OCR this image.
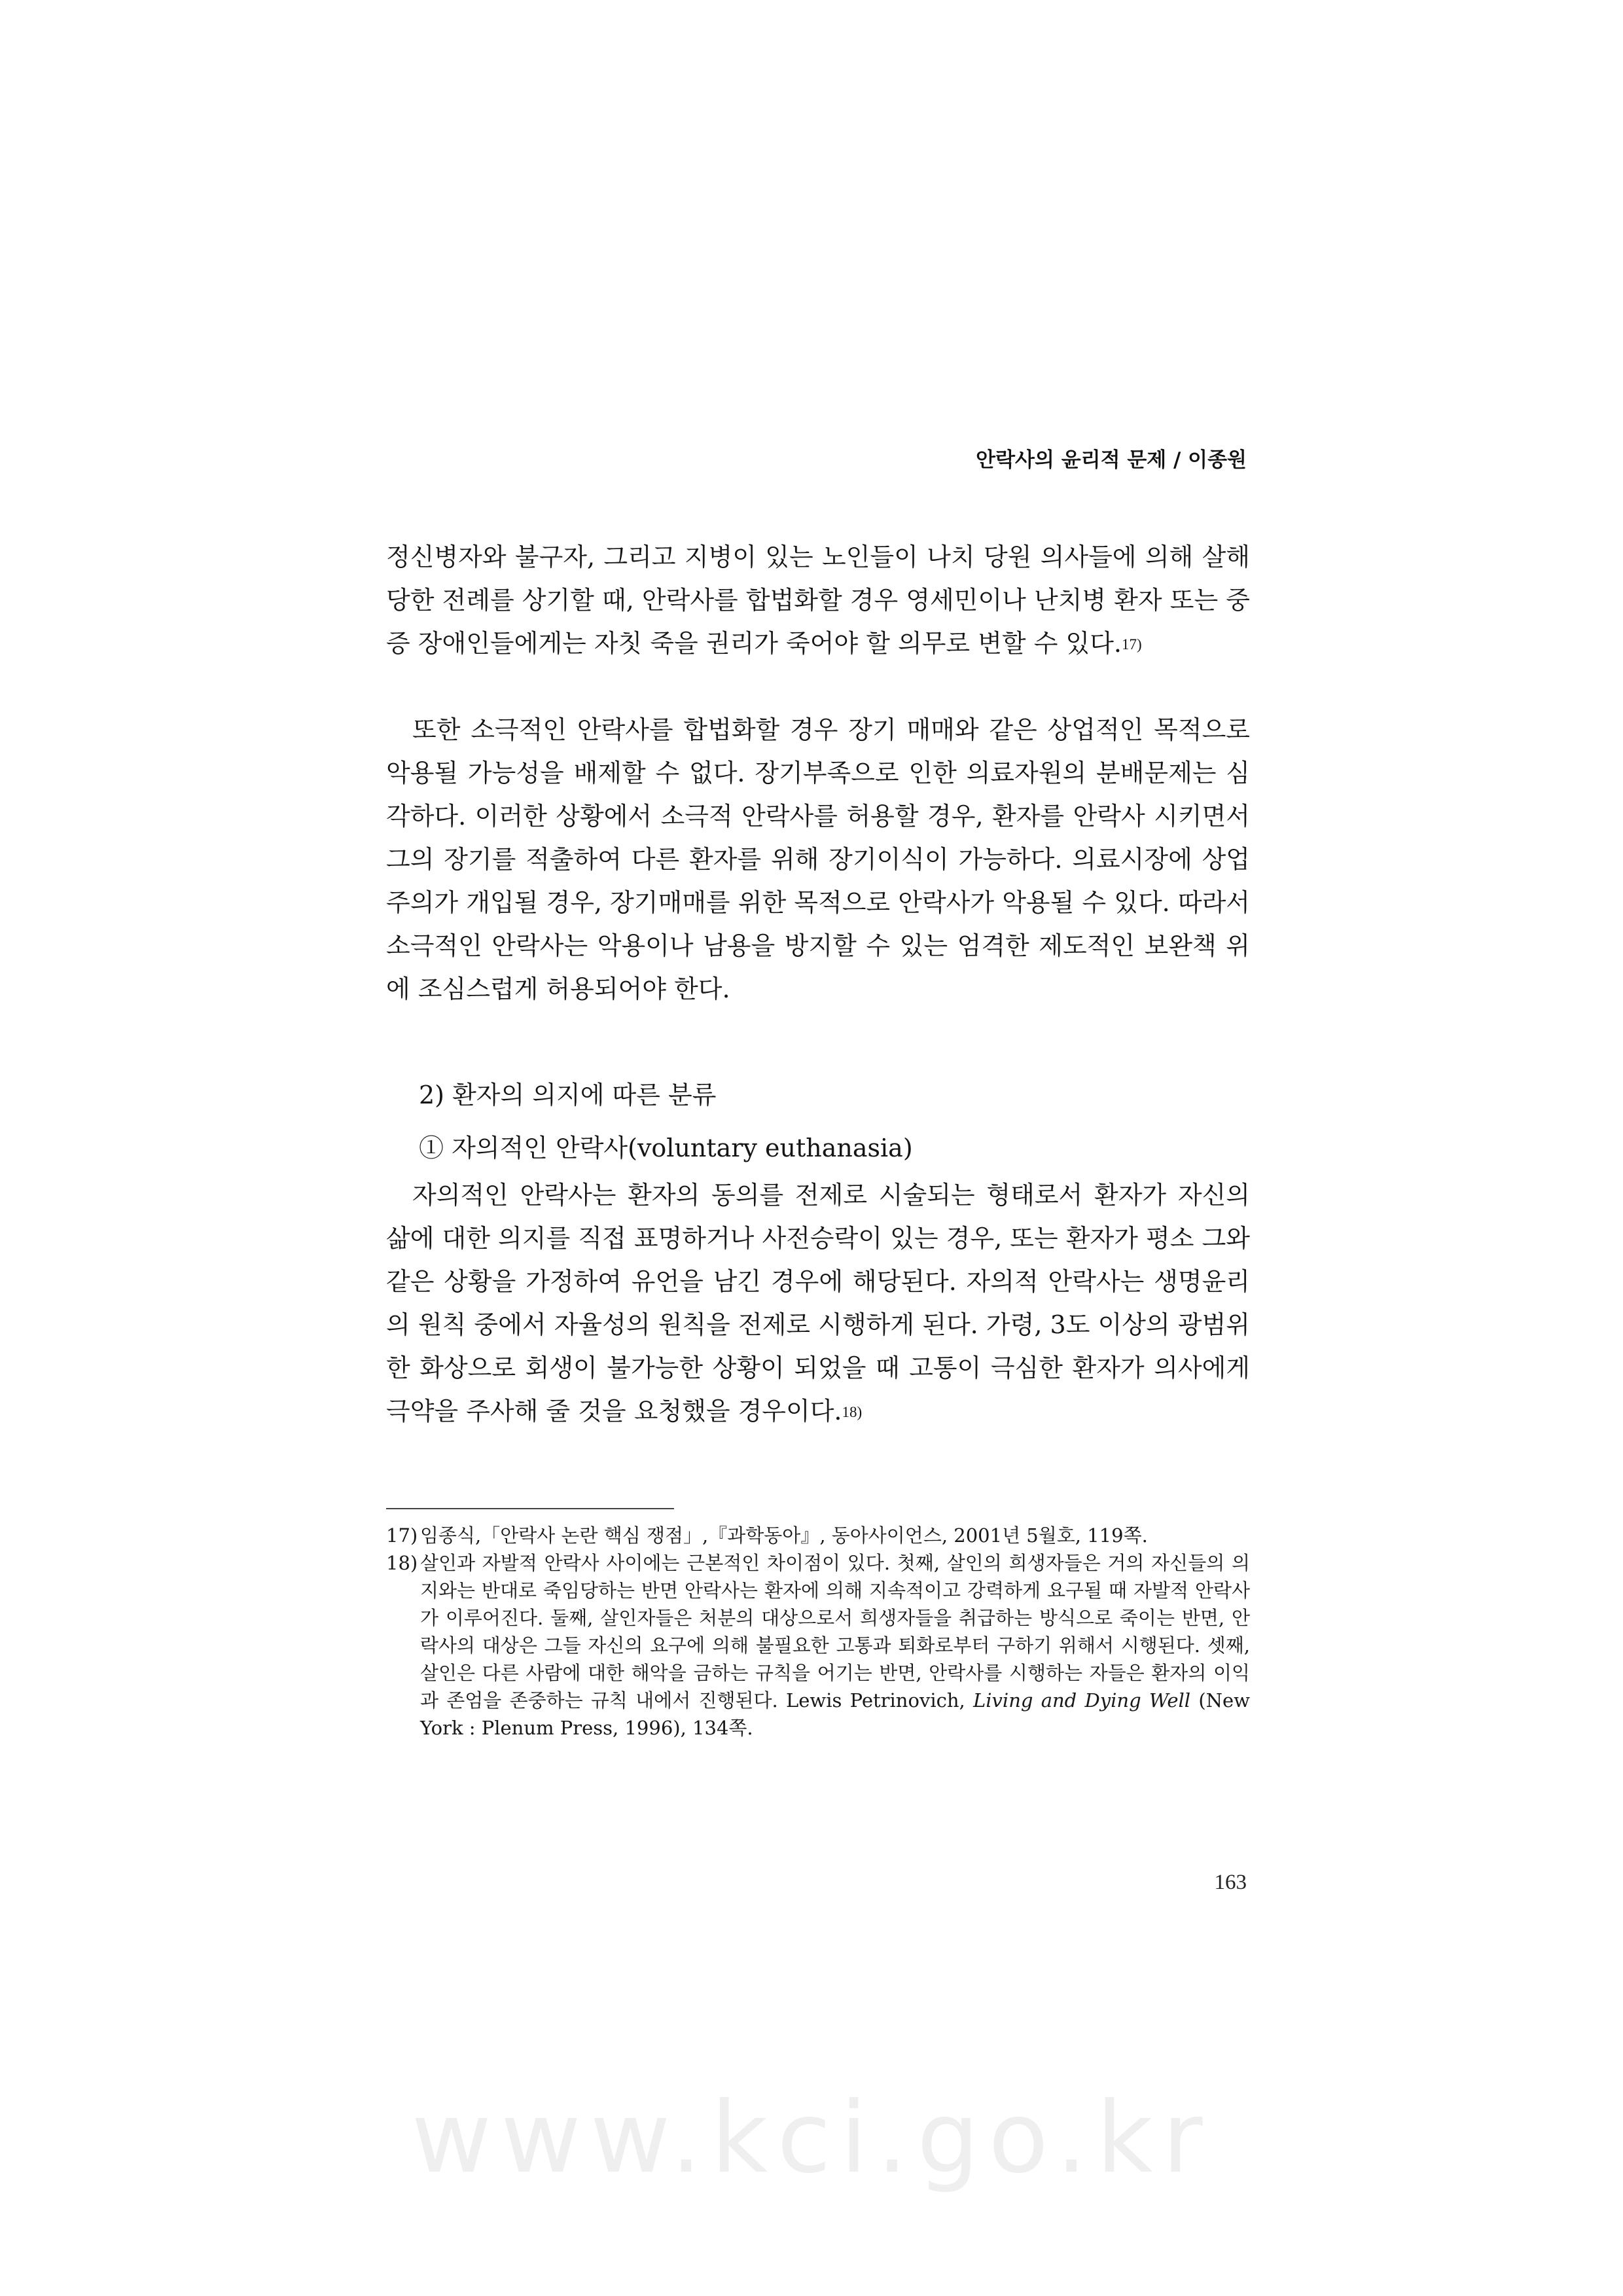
안락사의 윤리적 문제 / 이종원

정신병자와 불구자, 그리고 지병이 있는 노인들이 나치 당원 의사들에 의해 살해당한 전례를 상기할 때, 안락사를 합법화할 경우 영세민이나 난치병 환자 또는 중증 장애인들에게는 자칫 죽을 권리가 죽어야 할 의무로 변할 수 있다.$^{17)}$

또한 소극적인 안락사를 합법화할 경우 장기 매매와 같은 상업적인 목적으로 악용될 가능성을 배제할 수 없다. 장기부족으로 인한 의료자원의 분배문제는 심각하다. 이러한 상황에서 소극적 안락사를 허용할 경우, 환자를 안락사 시키면서 그의 장기를 적출하여 다른 환자를 위해 장기이식이 가능하다. 의료시장에 상업주의가 개입될 경우, 장기매매를 위한 목적으로 안락사가 악용될 수 있다. 따라서 소극적인 안락사는 악용이나 남용을 방지할 수 있는 엄격한 제도적인 보완책 위에 조심스럽게 허용되어야 한다.

2) 환자의 의지에 따른 분류
① 자의적인 안락사(voluntary euthanasia)

자의적인 안락사는 환자의 동의를 전제로 시술되는 형태로서 환자가 자신의 삶에 대한 의지를 직접 표명하거나 사전승락이 있는 경우, 또는 환자가 평소 그와 같은 상황을 가정하여 유언을 남긴 경우에 해당된다. 자의적 안락사는 생명윤리의 원칙 중에서 자율성의 원칙을 전제로 시행하게 된다. 가령, 3도 이상의 광범위한 화상으로 회생이 불가능한 상황이 되었을 때 고통이 극심한 환자가 의사에게 극약을 주사해 줄 것을 요청했을 경우이다.$^{18)}$

17) 임종식,「안락사 논란 핵심 쟁점」,『과학동아』, 동아사이언스, 2001년 5월호, 119쪽.

18) 살인과 자발적 안락사 사이에는 근본적인 차이점이 있다. 첫째, 살인의 희생자들은 거의 자신들의 의지와는 반대로 죽임당하는 반면 안락사는 환자에 의해 지속적이고 강력하게 요구될 때 자발적 안락사가 이루어진다. 둘째, 살인자들은 처분의 대상으로서 희생자들을 취급하는 방식으로 죽이는 반면, 안락사의 대상은 그들 자신의 요구에 의해 불필요한 고통과 퇴화로부터 구하기 위해서 시행된다. 셋째, 살인은 다른 사람에 대한 해악을 금하는 규칙을 어기는 반면, 안락사를 시행하는 자들은 환자의 이익과 존엄을 존중하는 규칙 내에서 진행된다. Lewis Petrinovich, Living and Dying Well (New York : Plenum Press, 1996), 134쪽.

163
www.kci.go.kr
